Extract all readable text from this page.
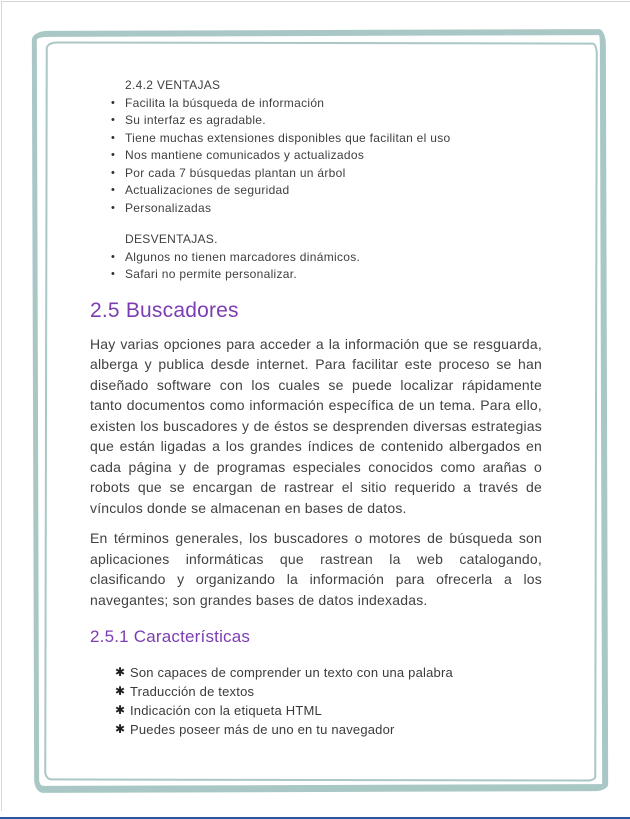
2.4.2 VENTAJAS
• Facilita la búsqueda de información
• Su interfaz es agradable.
• Tiene muchas extensiones disponibles que facilitan el uso
• Nos mantiene comunicados y actualizados
• Por cada 7 búsquedas plantan un árbol
• Actualizaciones de seguridad
• Personalizadas
DESVENTAJAS.
• Algunos no tienen marcadores dinámicos.
• Safari no permite personalizar.
2.5 Buscadores

Hay varias opciones para acceder a la información que se resguarda, alberga y publica desde internet. Para facilitar este proceso se han diseñado software con los cuales se puede localizar rápidamente tanto documentos como información específica de un tema. Para ello, existen los buscadores y de éstos se desprenden diversas estrategias que están ligadas a los grandes índices de contenido albergados en cada página y de programas especiales conocidos como arañas o robots que se encargan de rastrear el sitio requerido a través de vínculos donde se almacenan en bases de datos.

En términos generales, los buscadores o motores de búsqueda son aplicaciones informáticas que rastrean la web catalogando, clasificando y organizando la información para ofrecerla a los navegantes; son grandes bases de datos indexadas.

2.5.1 Características
✱ Son capaces de comprender un texto con una palabra
✱ Traducción de textos
✱ Indicación con la etiqueta HTML
✱ Puedes poseer más de uno en tu navegador
